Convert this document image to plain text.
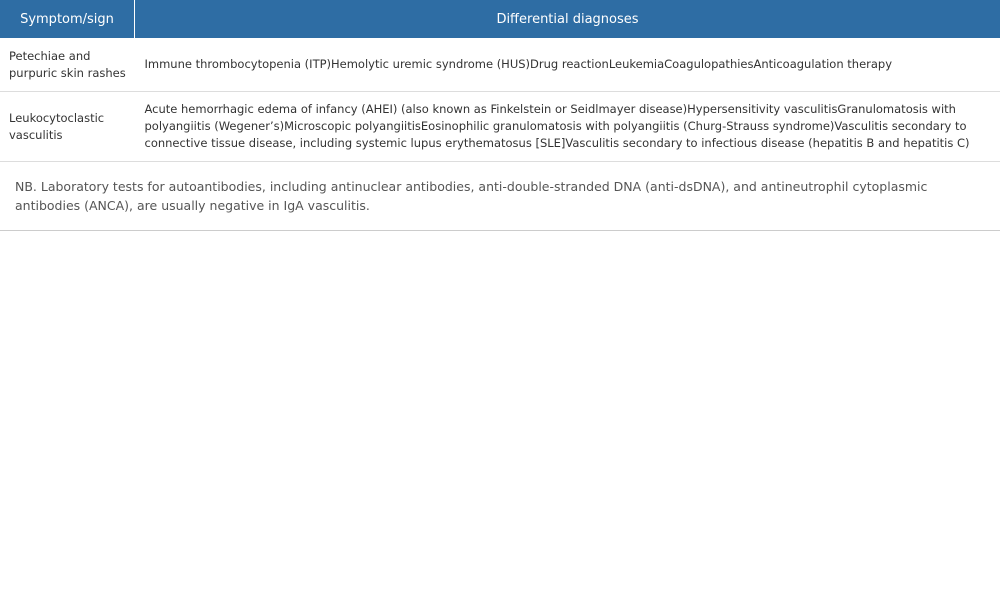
Symptom/sign	Differential diagnoses
Petechiae and purpuric skin rashes	Immune thrombocytopenia (ITP)Hemolytic uremic syndrome (HUS)Drug reactionLeukemiaCoagulopathiesAnticoagulation therapy
Leukocytoclastic vasculitis	Acute hemorrhagic edema of infancy (AHEI) (also known as Finkelstein or Seidlmayer disease)Hypersensitivity vasculitisGranulomatosis with polyangiitis (Wegener’s)Microscopic polyangiitisEosinophilic granulomatosis with polyangiitis (Churg-Strauss syndrome)Vasculitis secondary to connective tissue disease, including systemic lupus erythematosus [SLE]Vasculitis secondary to infectious disease (hepatitis B and hepatitis C)
NB. Laboratory tests for autoantibodies, including antinuclear antibodies, anti-double-stranded DNA (anti-dsDNA), and antineutrophil cytoplasmic antibodies (ANCA), are usually negative in IgA vasculitis.
